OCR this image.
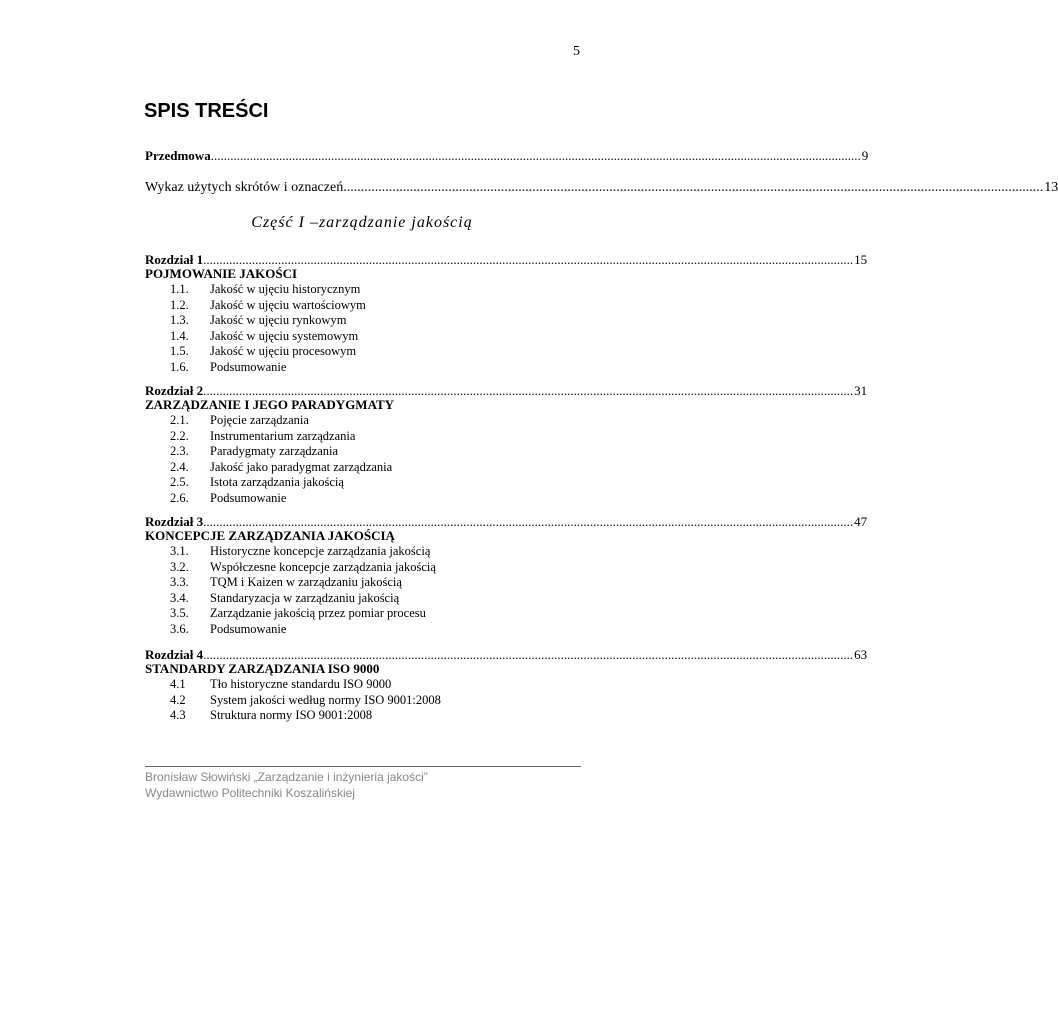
5
SPIS TREŚCI
Przedmowa ........................................................................................................................................................................................................ 9
Wykaz użytych skrótów i oznaczeń ........................................................................................................................................................................................................ 13
Część I –zarządzanie jakością
Rozdział 1 ........................................................................................................................................................................................................ 15
POJMOWANIE JAKOŚCI
1.1.	Jakość w ujęciu historycznym
1.2.	Jakość w ujęciu wartościowym
1.3.	Jakość w ujęciu rynkowym
1.4.	Jakość w ujęciu systemowym
1.5.	Jakość w ujęciu procesowym
1.6.	Podsumowanie
Rozdział 2 ........................................................................................................................................................................................................ 31
ZARZĄDZANIE I JEGO PARADYGMATY
2.1.	Pojęcie zarządzania
2.2.	Instrumentarium zarządzania
2.3.	Paradygmaty zarządzania
2.4.	Jakość jako paradygmat zarządzania
2.5.	Istota zarządzania jakością
2.6.	Podsumowanie
Rozdział 3 ........................................................................................................................................................................................................ 47
KONCEPCJE ZARZĄDZANIA JAKOŚCIĄ
3.1.	Historyczne koncepcje zarządzania jakością
3.2.	Współczesne koncepcje zarządzania jakością
3.3.	TQM i Kaizen w zarządzaniu jakością
3.4.	Standaryzacja w zarządzaniu jakością
3.5.	Zarządzanie jakością przez pomiar procesu
3.6.	Podsumowanie
Rozdział 4 ........................................................................................................................................................................................................ 63
STANDARDY ZARZĄDZANIA ISO 9000
4.1	Tło historyczne standardu ISO 9000
4.2	System jakości według normy ISO 9001:2008
4.3	Struktura normy ISO 9001:2008
Bronisław Słowiński „Zarządzanie i inżynieria jakości”
Wydawnictwo Politechniki Koszalińskiej
